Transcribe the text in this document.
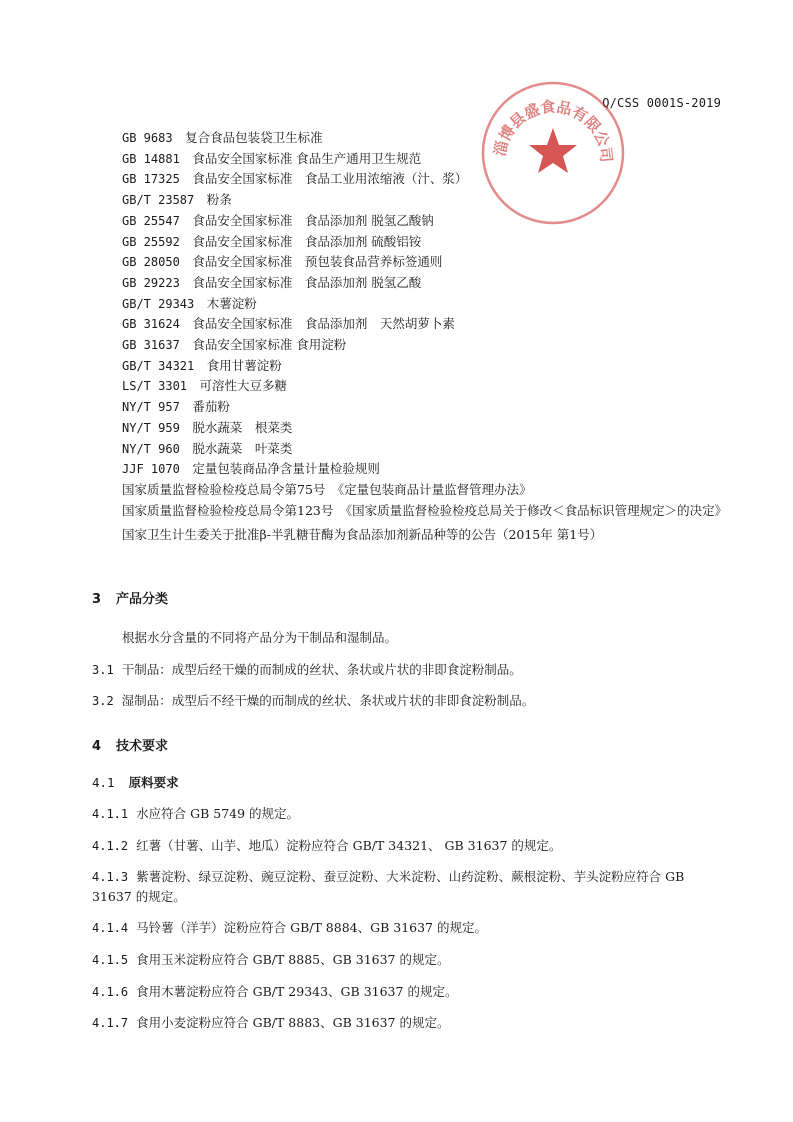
Q/CSS 0001S-2019
淄博县盛食品有限公司
GB 9683　 复合食品包装袋卫生标准
GB 14881　 食品安全国家标准 食品生产通用卫生规范
GB 17325　 食品安全国家标准　食品工业用浓缩液（汁、浆）
GB/T 23587　 粉条
GB 25547　 食品安全国家标准　食品添加剂 脱氢乙酸钠
GB 25592　 食品安全国家标准　食品添加剂 硫酸铝铵
GB 28050　 食品安全国家标准　预包装食品营养标签通则
GB 29223　 食品安全国家标准　食品添加剂 脱氢乙酸
GB/T 29343　 木薯淀粉
GB 31624　 食品安全国家标准　食品添加剂　天然胡萝卜素
GB 31637　 食品安全国家标准 食用淀粉
GB/T 34321　 食用甘薯淀粉
LS/T 3301　 可溶性大豆多糖
NY/T 957　 番茄粉
NY/T 959　 脱水蔬菜　根菜类
NY/T 960　 脱水蔬菜　叶菜类
JJF 1070　 定量包装商品净含量计量检验规则
国家质量监督检验检疫总局令第75号　《定量包装商品计量监督管理办法》
国家质量监督检验检疫总局令第123号　《国家质量监督检验检疫总局关于修改＜食品标识管理规定＞的决定》
国家卫生计生委关于批准β-半乳糖苷酶为食品添加剂新品种等的公告（2015年 第1号）
3 产品分类
根据水分含量的不同将产品分为干制品和湿制品。
3.1 干制品：成型后经干燥的而制成的丝状、条状或片状的非即食淀粉制品。
3.2 湿制品：成型后不经干燥的而制成的丝状、条状或片状的非即食淀粉制品。
4 技术要求
4.1 原料要求
4.1.1 水应符合 GB 5749 的规定。
4.1.2 红薯（甘薯、山芋、地瓜）淀粉应符合 GB/T 34321、 GB 31637 的规定。
4.1.3 紫薯淀粉、绿豆淀粉、豌豆淀粉、蚕豆淀粉、大米淀粉、山药淀粉、蕨根淀粉、芋头淀粉应符合 GB 31637 的规定。
4.1.4 马铃薯（洋芋）淀粉应符合 GB/T 8884、GB 31637 的规定。
4.1.5 食用玉米淀粉应符合 GB/T 8885、GB 31637 的规定。
4.1.6 食用木薯淀粉应符合 GB/T 29343、GB 31637 的规定。
4.1.7 食用小麦淀粉应符合 GB/T 8883、GB 31637 的规定。
